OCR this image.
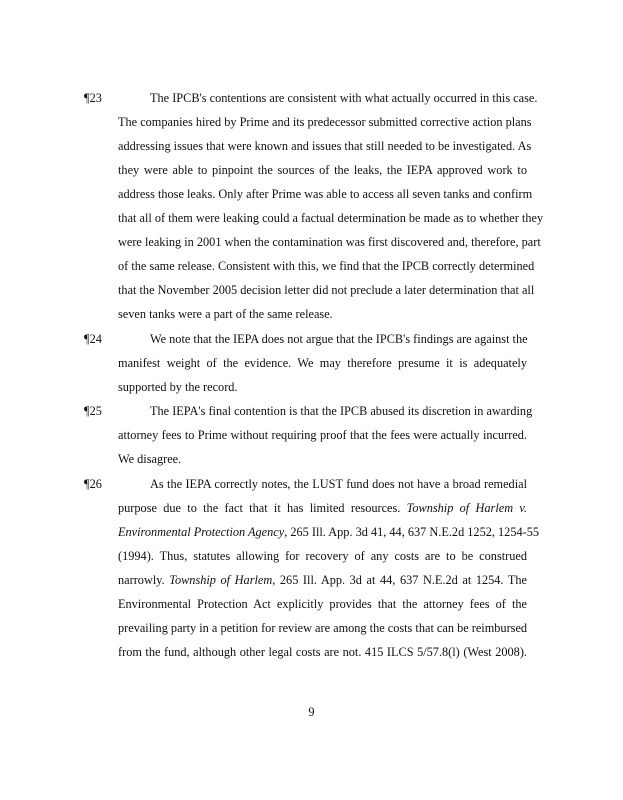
¶23	The IPCB's contentions are consistent with what actually occurred in this case.
The companies hired by Prime and its predecessor submitted corrective action plans
addressing issues that were known and issues that still needed to be investigated. As
they were able to pinpoint the sources of the leaks, the IEPA approved work to
address those leaks. Only after Prime was able to access all seven tanks and confirm
that all of them were leaking could a factual determination be made as to whether they
were leaking in 2001 when the contamination was first discovered and, therefore, part
of the same release. Consistent with this, we find that the IPCB correctly determined
that the November 2005 decision letter did not preclude a later determination that all
seven tanks were a part of the same release.
¶24	We note that the IEPA does not argue that the IPCB's findings are against the
manifest weight of the evidence. We may therefore presume it is adequately
supported by the record.
¶25	The IEPA's final contention is that the IPCB abused its discretion in awarding
attorney fees to Prime without requiring proof that the fees were actually incurred.
We disagree.
¶26	As the IEPA correctly notes, the LUST fund does not have a broad remedial
purpose due to the fact that it has limited resources. Township of Harlem v.
Environmental Protection Agency, 265 Ill. App. 3d 41, 44, 637 N.E.2d 1252, 1254-55
(1994). Thus, statutes allowing for recovery of any costs are to be construed
narrowly. Township of Harlem, 265 Ill. App. 3d at 44, 637 N.E.2d at 1254. The
Environmental Protection Act explicitly provides that the attorney fees of the
prevailing party in a petition for review are among the costs that can be reimbursed
from the fund, although other legal costs are not. 415 ILCS 5/57.8(l) (West 2008).
9
